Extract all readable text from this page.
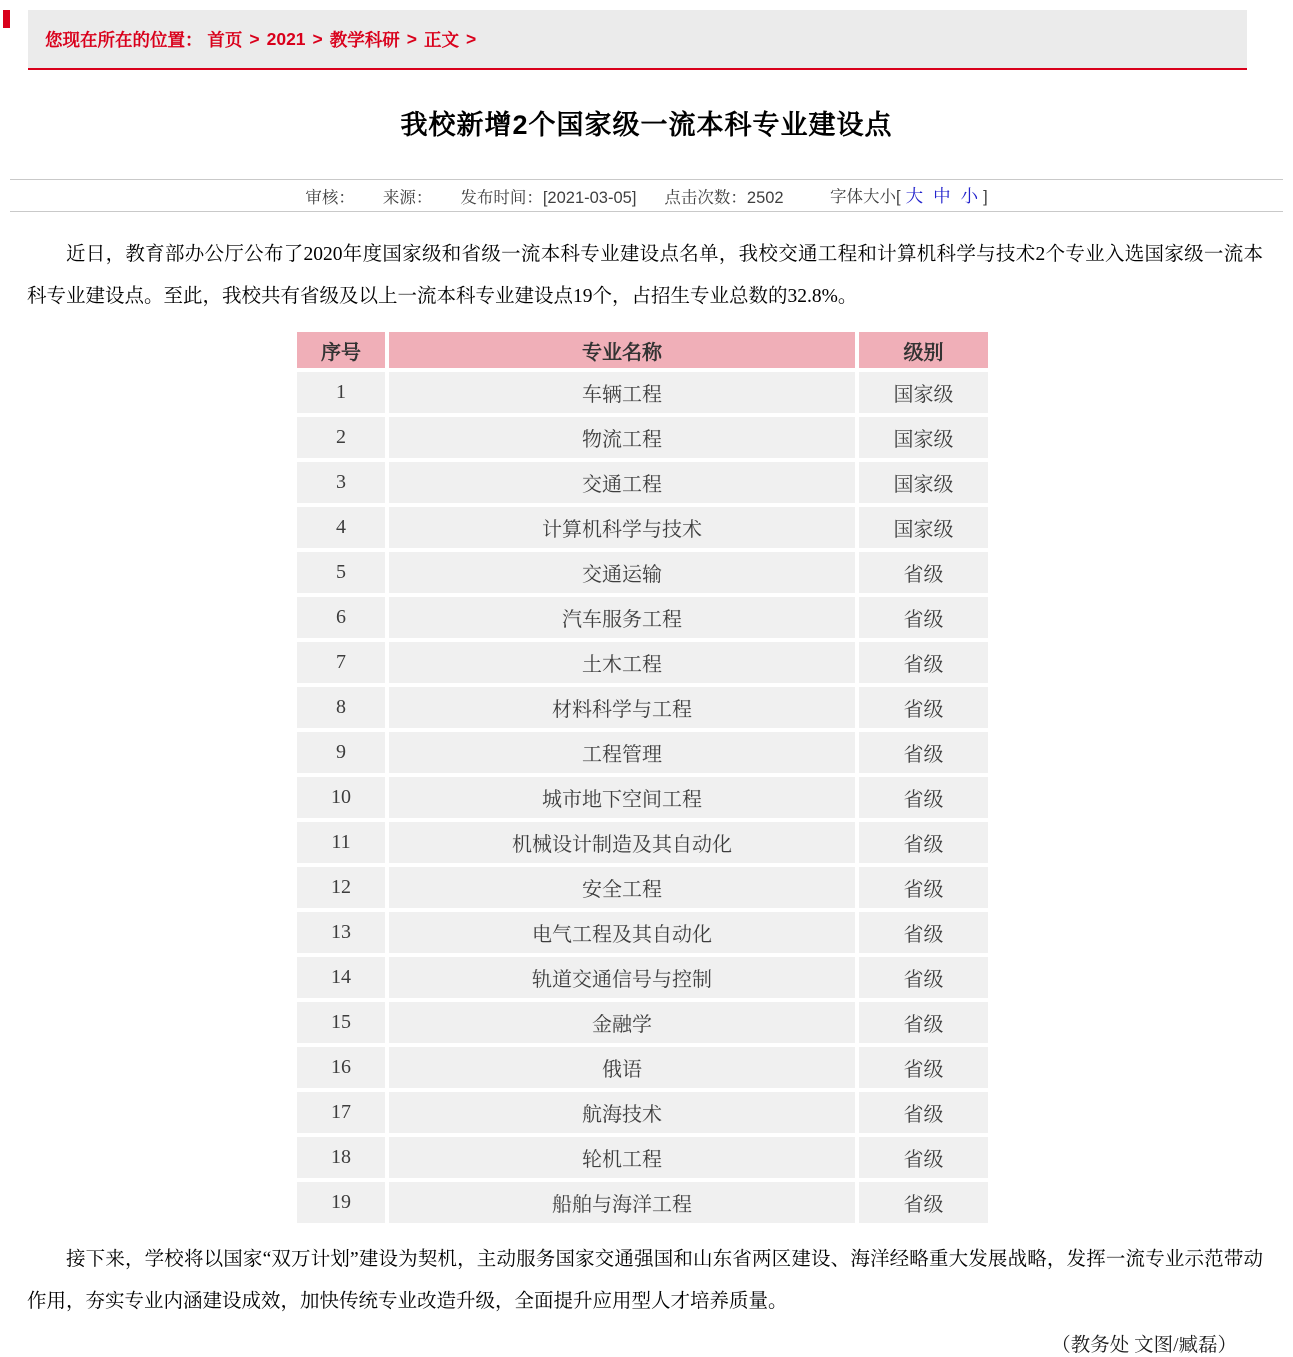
您现在所在的位置：
首页 > 2021 > 教学科研 > 正文 >
我校新增2个国家级一流本科专业建设点
审核： 来源： 发布时间：[2021-03-05] 点击次数：2502	字体大小[ 大 中 小 ]

近日，教育部办公厅公布了2020年度国家级和省级一流本科专业建设点名单，我校交通工程和计算机科学与技术2个专业入选国家级一流本科专业建设点。至此，我校共有省级及以上一流本科专业建设点19个，占招生专业总数的32.8%。

序号	专业名称	级别
1	车辆工程	国家级
2	物流工程	国家级
3	交通工程	国家级
4	计算机科学与技术	国家级
5	交通运输	省级
6	汽车服务工程	省级
7	土木工程	省级
8	材料科学与工程	省级
9	工程管理	省级
10	城市地下空间工程	省级
11	机械设计制造及其自动化	省级
12	安全工程	省级
13	电气工程及其自动化	省级
14	轨道交通信号与控制	省级
15	金融学	省级
16	俄语	省级
17	航海技术	省级
18	轮机工程	省级
19	船舶与海洋工程	省级

接下来，学校将以国家“双万计划”建设为契机，主动服务国家交通强国和山东省两区建设、海洋经略重大发展战略，发挥一流专业示范带动作用，夯实专业内涵建设成效，加快传统专业改造升级，全面提升应用型人才培养质量。

（教务处 文图/臧磊）
